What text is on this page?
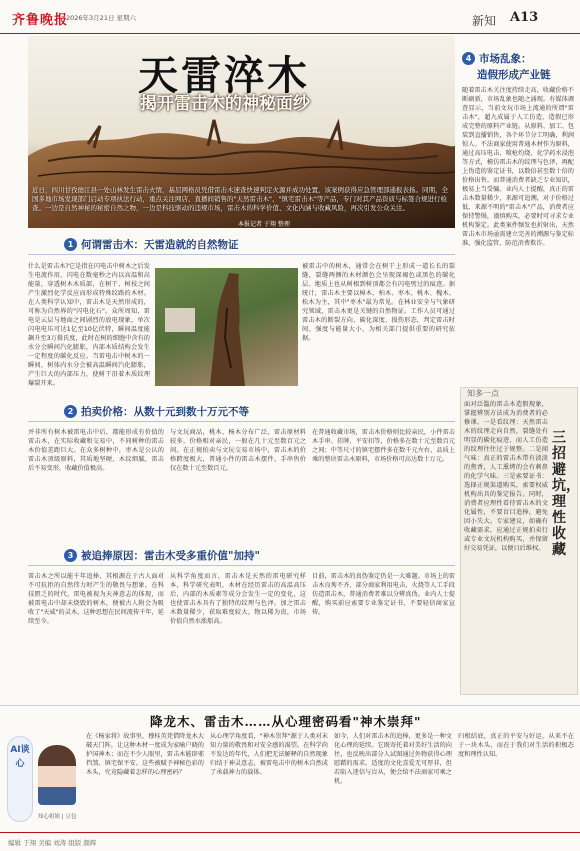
齐鲁晚报
2026年3月21日 星期六	新知 A13
天雷淬木
揭开雷击木的神秘面纱
近日，四川甘孜德江县一处山林发生雷击火情，基层网格员凭借雷击木速查快速判定火源并成功处置，该案例获得应急管理部通报表扬。同期，全国多地市场发现部门启动专项执法行动，重点关注网店、直播间销售的"天然雷击木"、"镇宅雷击木"等产品，专门对其产品资质与标签合规进行检查。一边是自然神秘的秘密自然之物，一边是科技驱动的违规市场，雷击木的科学价值、文化内涵与收藏风险，再次引发公众关注。
本报记者 于翔 整理
4 市场乱象：
造假形成产业链
随着雷击木关注度持续走高，收藏价格不断刷新，市场乱象也随之涌现。有媒体调查显示，当前文玩市场上流通的所谓"雷击木"，超九成属于人工仿造，造假已形成完整的原料产业链。从原料、加工、包装到直播销售，各个环节分工明确，利润惊人。不法商家使用普通木材作为原料，通过高压电击、喷枪灼烧、化学药水浸泡等方式，模仿雷击木的纹理与色泽，再配上伪造的鉴定证书，以数倍甚至数十倍的价格出售。而普通消费者缺乏专业知识，极易上当受骗。业内人士提醒，真正的雷击木数量稀少，来源可追溯，对于价格过低、来源不明的"雷击木"产品，消费者应保持警惕，谨慎购买，必要时可寻求专业机构鉴定。此类案件频发也折射出，天然雷击木市场亟需建立完善的溯源与鉴定标准，强化监管，防范消费欺诈。
知多一点
面对泛滥的雷击木造假现象，掌握辨别方法成为消费者的必修课。一是看纹理：天然雷击木的纹理走向自然，裂缝处有明显的碳化痕迹，而人工仿造的纹理往往过于规整。二是闻气味：真正的雷击木带有淡淡的焦香，人工熏烤的会有刺鼻的化学气味。三是索要证书：选择正规渠道购买，索要权威机构出具的鉴定报告。同时，消费者应理性看待雷击木的文化属性，不要盲目追捧，避免因小失大。专家建议，如确有收藏需求，应通过正规拍卖行或专业文玩机构购买，并保留好交易凭证，以便日后维权。
三招避坑，理性收藏
1 何谓雷击木：天雷造就的自然物证
什么是雷击木?它是指在闪电击中树木之后发生电流作用，闪电在数毫秒之内以高温和高能量，穿透树木木质部，在树干、树枝之间产生激烈化学反应而形成特殊纹路的木材。在人类科学认知中，雷击木是天然形成的，可称为自然界的"闪电化石"。众所周知，雷电是云层与地面之间剧烈的放电现象，单次闪电电压可达1亿至10亿伏特，瞬间温度能飙升至3万摄氏度，此时在树的细胞中含有的水分会瞬间汽化膨胀，内部木质结构会发生一定程度的碳化反应。当雷电击中树木的一瞬间，树体内水分会被高温瞬间汽化膨胀，产生巨大的内部压力，使树干沿着木质纹理爆裂开来。
被雷击中的树木，通常会在树干上形成一道长长的裂缝，裂缝两侧的木材颜色会呈现深褐色或黑色的碳化层。地质上也从树根到树顶都会有闪电劈过的痕迹。据统计，雷击木主要以樟木、柏木、枣木、桃木、槐木、松木为主，其中"枣木"最为常见。在林业安全与气象研究领域，雷击木更是关键的自然物证。工作人员可通过雷击木的断裂方向、碳化深度、损伤形态，判定雷击时间、强度与能量大小，为相关部门提供重要的研究依据。
2 拍卖价格：从数十元到数十万元不等
并非所有树木被雷电击中后，都能形成有价值的雷击木，在实际收藏和交易中，不同树种的雷击木价值差距巨大。在众多树种中，枣木是公认的雷击木顶级原料，其质地坚硬，木纹细腻，雷击后不易变形，收藏价值极高。
与文玩商品，桃木、杨木分布广泛，雷击原材料较多，价格相对亲民，一般在几十元至数百元之间。在正规拍卖与文玩交易市场中，雷击木的价格跨度极大，普通小件的雷击木摆件、手串售价仅在数十元至数百元。
在普通收藏市场，雷击木价格则比较亲民，小件雷击木手串、挂牌、平安扣等，价格多在数十元至数百元之间；中等尺寸的镇宅摆件多在数千元左右，品质上乘的整块雷击木原料，市场价格可高达数十万元。
3 被追捧原因：雷击木受多重价值"加持"
雷击木之所以能千年追捧，其根源在于古人面对不可抗拒的自然伟力时产生的敬畏与想象。在科技匮乏的时代，雷电被视为天神意志的体现，而被雷电击中却未烧毁的树木，便被古人附会为吸收了"天威"的灵木。这种思想在民间流传千年，延续至今。
从科学角度而言，雷击木是天然的雷电研究样本，科学研究表明，木材在经历雷击的高温高压后，内部的木质素等成分会发生一定的变化，这也使雷击木具有了独特的纹理与色泽。加之雷击木数量稀少，获取难度较大，物以稀为贵，市场价值自然水涨船高。
目前，雷击木的真伪鉴定仍是一大难题。市场上的雷击木良莠不齐，部分商家利用电击、火烧等人工手段仿造雷击木，普通消费者难以分辨真伪。业内人士提醒，购买前应索要专业鉴定证书，不要轻信商家宣传。
降龙木、雷击木……从心理密码看"神木崇拜"
AI谈心
知心姐姐 | 豆包
在《杨家将》故事里，穆桂英凭借降龙木大破天门阵，让这种木材一度成为家喻户晓的护国神木；而在不少人眼里，雷击木能辟邪挡煞、镇宅保平安。这些被赋予神秘色彩的木头，究竟隐藏着怎样的心理密码？
从心理学角度看，"神木崇拜"源于人类对未知力量的敬畏和对安全感的渴望。在科学尚不发达的年代，人们把无法解释的自然现象归结于神灵意志，被雷电击中的树木自然成了承载神力的载体。
如今，人们对雷击木的追捧，更多是一种文化心理的延续。它既寄托着对美好生活的向往，也反映出部分人试图通过外物获得心理慰藉的需求。适度的文化喜爱无可厚非，但若陷入迷信与盲从，便会给不法商家可乘之机。
归根结底，真正的平安与好运，从来不在于一块木头，而在于我们对生活的积极态度和理性认知。
编辑 于翔 美编 刘涛 组版 颜辉
